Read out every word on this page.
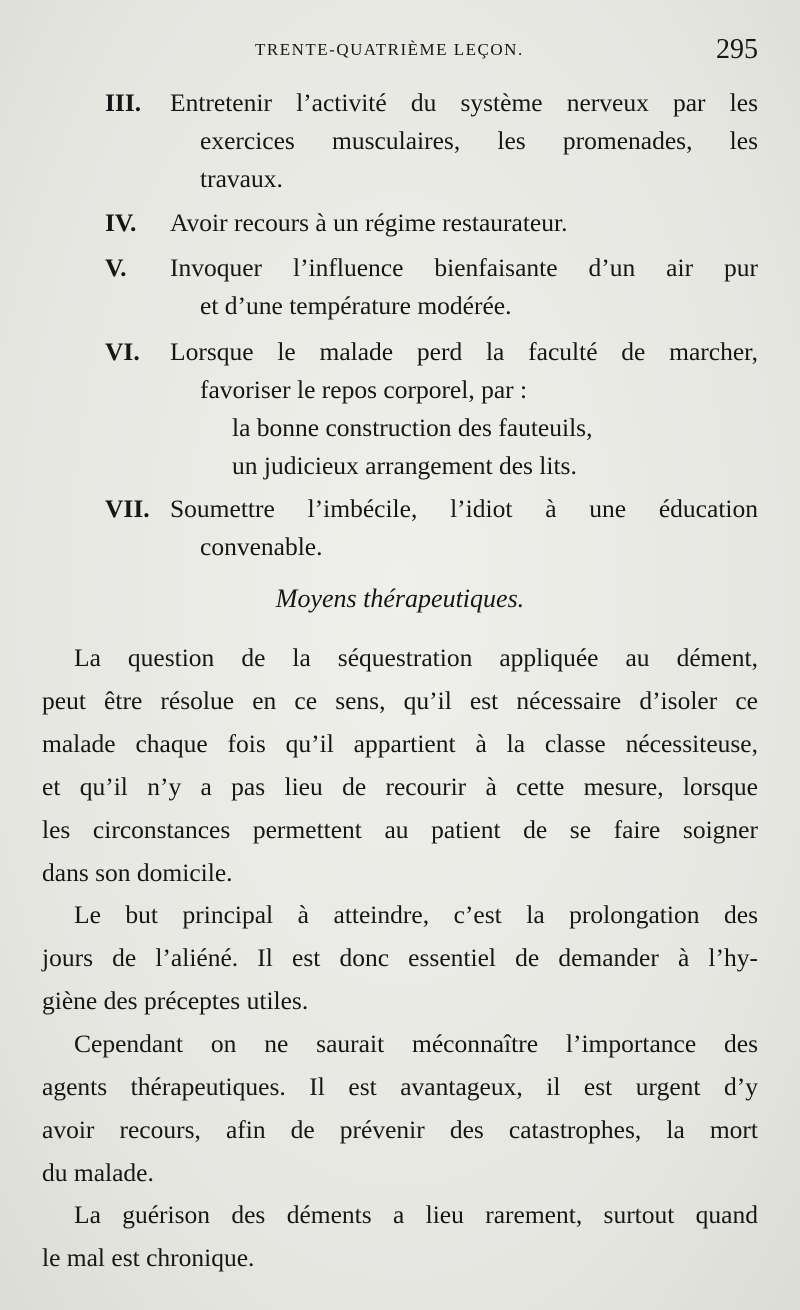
TRENTE-QUATRIÈME LEÇON.	295
III. Entretenir l’activité du système nerveux par les
exercices musculaires, les promenades, les
travaux.
IV. Avoir recours à un régime restaurateur.
V. Invoquer l’influence bienfaisante d’un air pur
et d’une température modérée.
VI. Lorsque le malade perd la faculté de marcher,
favoriser le repos corporel, par :
la bonne construction des fauteuils,
un judicieux arrangement des lits.
VII. Soumettre l’imbécile, l’idiot à une éducation
convenable.
Moyens thérapeutiques.
La question de la séquestration appliquée au dément,
peut être résolue en ce sens, qu’il est nécessaire d’isoler ce
malade chaque fois qu’il appartient à la classe nécessiteuse,
et qu’il n’y a pas lieu de recourir à cette mesure, lorsque
les circonstances permettent au patient de se faire soigner
dans son domicile.
Le but principal à atteindre, c’est la prolongation des
jours de l’aliéné. Il est donc essentiel de demander à l’hy-
giène des préceptes utiles.
Cependant on ne saurait méconnaître l’importance des
agents thérapeutiques. Il est avantageux, il est urgent d’y
avoir recours, afin de prévenir des catastrophes, la mort
du malade.
La guérison des déments a lieu rarement, surtout quand
le mal est chronique.
